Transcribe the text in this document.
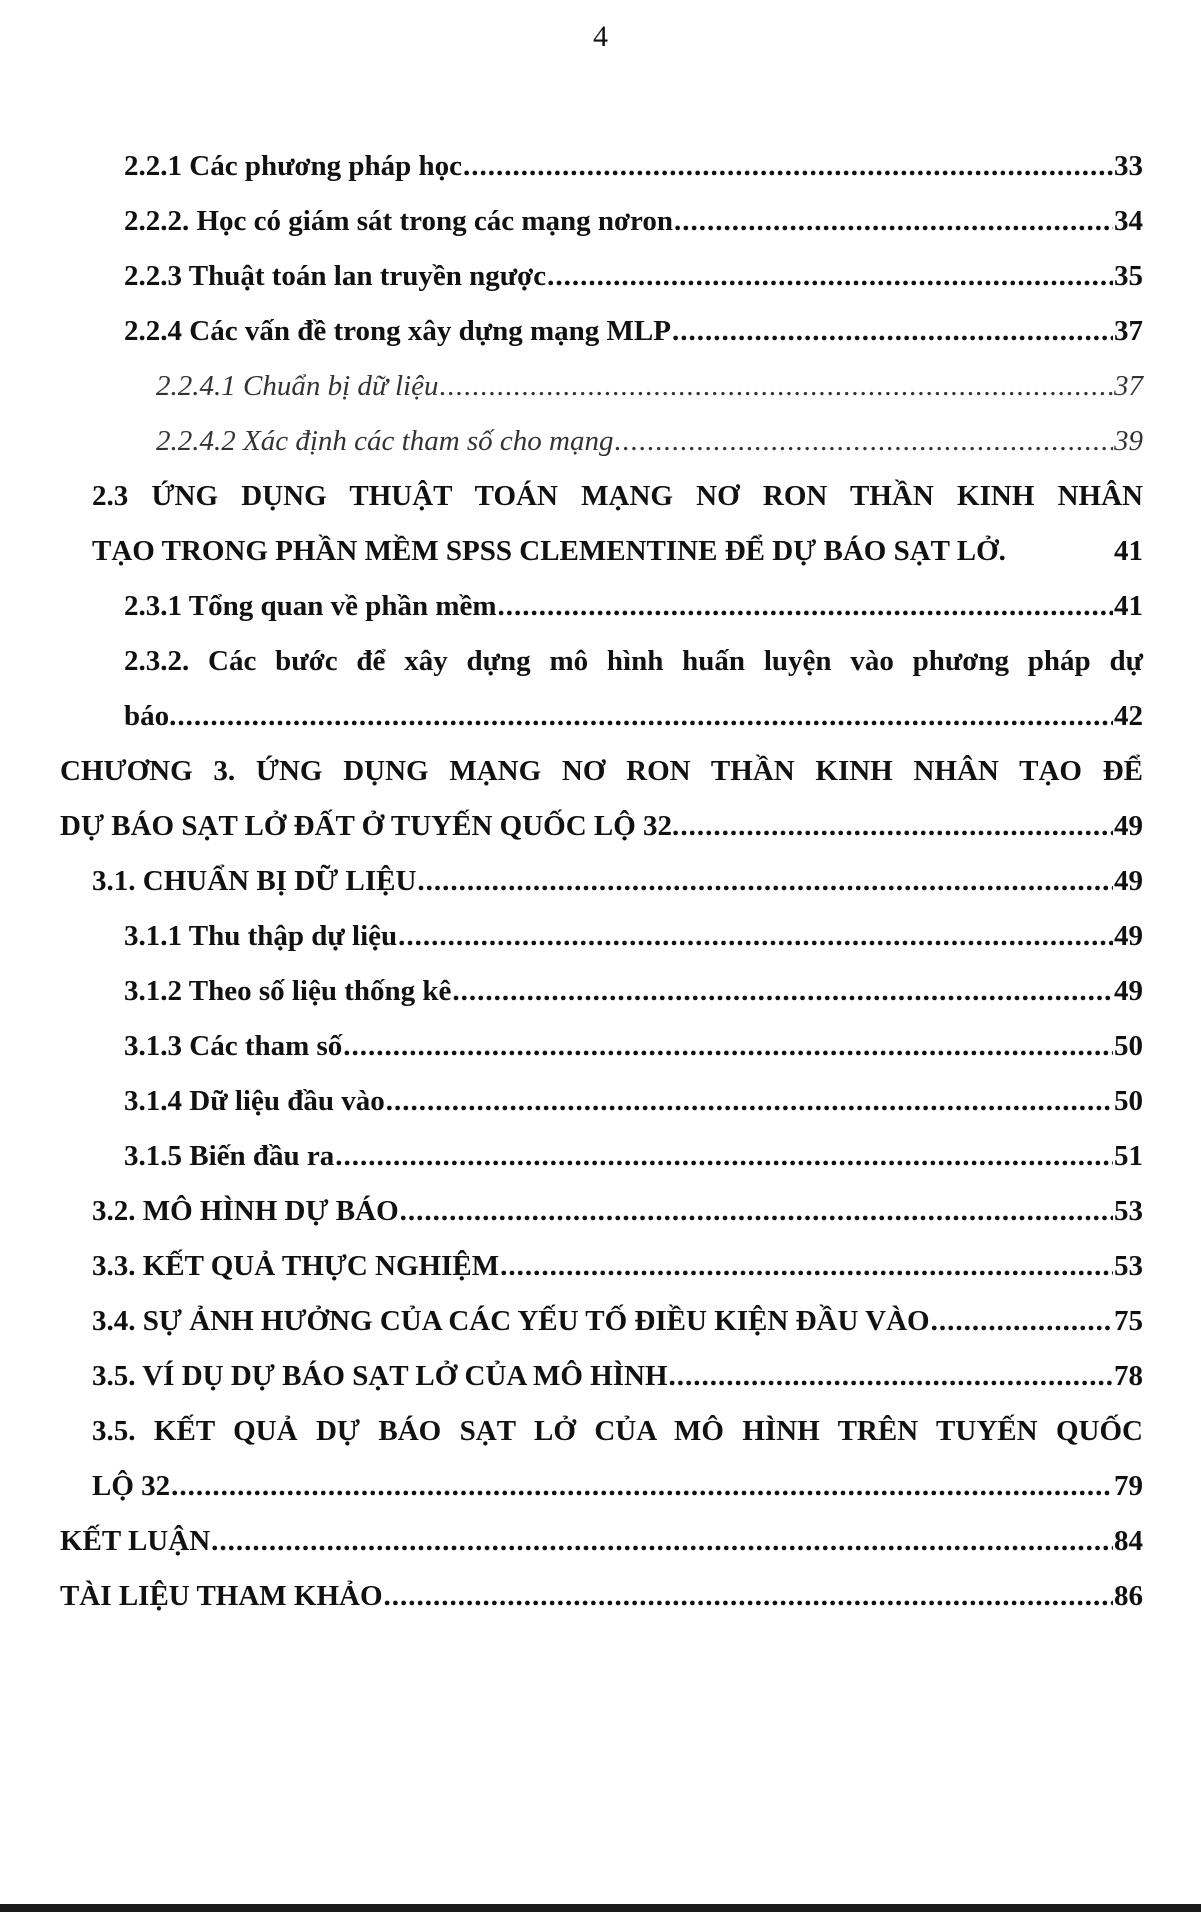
4
2.2.1 Các phương pháp học .....	33
2.2.2. Học có giám sát trong các mạng nơron .....	34
2.2.3 Thuật toán lan truyền ngược .....	35
2.2.4 Các vấn đề trong xây dựng mạng MLP .....	37
2.2.4.1 Chuẩn bị dữ liệu .....	37
2.2.4.2 Xác định các tham số cho mạng .....	39
2.3 ỨNG DỤNG THUẬT TOÁN MẠNG NƠ RON THẦN KINH NHÂN
TẠO TRONG PHẦN MỀM SPSS CLEMENTINE ĐỂ DỰ BÁO SẠT LỞ.	41
2.3.1 Tổng quan về phần mềm .....	41
2.3.2. Các bước để xây dựng mô hình huấn luyện vào phương pháp dự
báo. .....	42
CHƯƠNG 3. ỨNG DỤNG MẠNG NƠ RON THẦN KINH NHÂN TẠO ĐỂ
DỰ BÁO SẠT LỞ ĐẤT Ở TUYẾN QUỐC LỘ 32. .....	49
3.1. CHUẨN BỊ DỮ LIỆU .....	49
3.1.1 Thu thập dự liệu .....	49
3.1.2 Theo số liệu thống kê .....	49
3.1.3 Các tham số .....	50
3.1.4 Dữ liệu đầu vào .....	50
3.1.5 Biến đầu ra .....	51
3.2. MÔ HÌNH DỰ BÁO .....	53
3.3. KẾT QUẢ THỰC NGHIỆM .....	53
3.4. SỰ ẢNH HƯỞNG CỦA CÁC YẾU TỐ ĐIỀU KIỆN ĐẦU VÀO .....	75
3.5. VÍ DỤ DỰ BÁO SẠT LỞ CỦA MÔ HÌNH .....	78
3.5. KẾT QUẢ DỰ BÁO SẠT LỞ CỦA MÔ HÌNH TRÊN TUYẾN QUỐC
LỘ 32 .....	79
KẾT LUẬN .....	84
TÀI LIỆU THAM KHẢO .....	86
